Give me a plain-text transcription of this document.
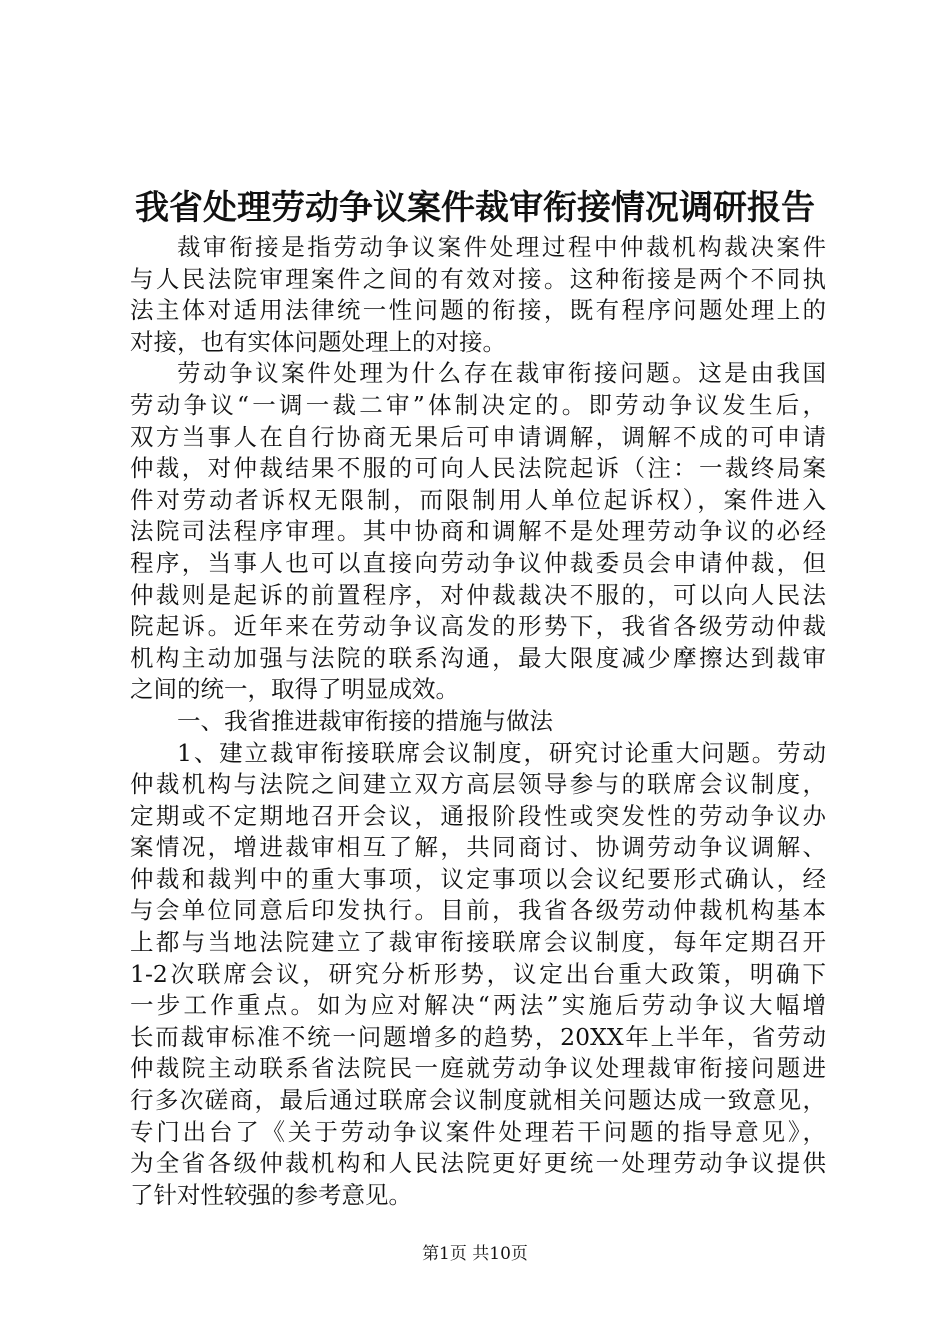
我省处理劳动争议案件裁审衔接情况调研报告
裁审衔接是指劳动争议案件处理过程中仲裁机构裁决案件
与人民法院审理案件之间的有效对接。这种衔接是两个不同执
法主体对适用法律统一性问题的衔接，既有程序问题处理上的
对接，也有实体问题处理上的对接。
劳动争议案件处理为什么存在裁审衔接问题。这是由我国
劳动争议“一调一裁二审”体制决定的。即劳动争议发生后，
双方当事人在自行协商无果后可申请调解，调解不成的可申请
仲裁，对仲裁结果不服的可向人民法院起诉（注：一裁终局案
件对劳动者诉权无限制，而限制用人单位起诉权），案件进入
法院司法程序审理。其中协商和调解不是处理劳动争议的必经
程序，当事人也可以直接向劳动争议仲裁委员会申请仲裁，但
仲裁则是起诉的前置程序，对仲裁裁决不服的，可以向人民法
院起诉。近年来在劳动争议高发的形势下，我省各级劳动仲裁
机构主动加强与法院的联系沟通，最大限度减少摩擦达到裁审
之间的统一，取得了明显成效。
一、我省推进裁审衔接的措施与做法
1、建立裁审衔接联席会议制度，研究讨论重大问题。劳动
仲裁机构与法院之间建立双方高层领导参与的联席会议制度，
定期或不定期地召开会议，通报阶段性或突发性的劳动争议办
案情况，增进裁审相互了解，共同商讨、协调劳动争议调解、
仲裁和裁判中的重大事项，议定事项以会议纪要形式确认，经
与会单位同意后印发执行。目前，我省各级劳动仲裁机构基本
上都与当地法院建立了裁审衔接联席会议制度，每年定期召开
1-2次联席会议，研究分析形势，议定出台重大政策，明确下
一步工作重点。如为应对解决“两法”实施后劳动争议大幅增
长而裁审标准不统一问题增多的趋势，20XX年上半年，省劳动
仲裁院主动联系省法院民一庭就劳动争议处理裁审衔接问题进
行多次磋商，最后通过联席会议制度就相关问题达成一致意见，
专门出台了《关于劳动争议案件处理若干问题的指导意见》，
为全省各级仲裁机构和人民法院更好更统一处理劳动争议提供
了针对性较强的参考意见。
第1页 共10页
